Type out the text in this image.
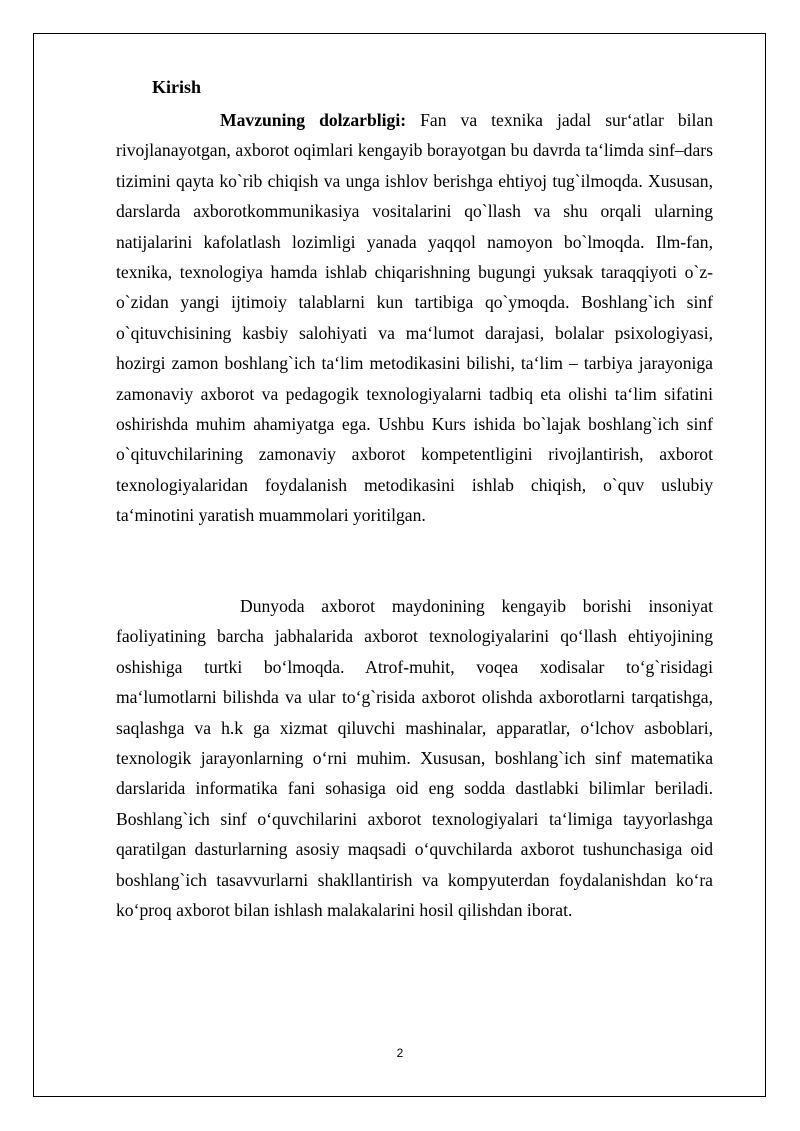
Kirish

Mavzuning dolzarbligi: Fan va texnika jadal sur‘atlar bilan rivojlanayotgan, axborot oqimlari kengayib borayotgan bu davrda ta‘limda sinf–dars tizimini qayta ko`rib chiqish va unga ishlov berishga ehtiyoj tug`ilmoqda. Xususan, darslarda axborotkommunikasiya vositalarini qo`llash va shu orqali ularning natijalarini kafolatlash lozimligi yanada yaqqol namoyon bo`lmoqda. Ilm-fan, texnika, texnologiya hamda ishlab chiqarishning bugungi yuksak taraqqiyoti o`z-o`zidan yangi ijtimoiy talablarni kun tartibiga qo`ymoqda. Boshlang`ich sinf o`qituvchisining kasbiy salohiyati va ma‘lumot darajasi, bolalar psixologiyasi, hozirgi zamon boshlang`ich ta‘lim metodikasini bilishi, ta‘lim – tarbiya jarayoniga zamonaviy axborot va pedagogik texnologiyalarni tadbiq eta olishi ta‘lim sifatini oshirishda muhim ahamiyatga ega. Ushbu Kurs ishida bo`lajak boshlang`ich sinf o`qituvchilarining zamonaviy axborot kompetentligini rivojlantirish, axborot texnologiyalaridan foydalanish metodikasini ishlab chiqish, o`quv uslubiy ta‘minotini yaratish muammolari yoritilgan.

Dunyoda axborot maydonining kengayib borishi insoniyat faoliyatining barcha jabhalarida axborot texnologiyalarini qo‘llash ehtiyojining oshishiga turtki bo‘lmoqda. Atrof-muhit, voqea xodisalar to‘g`risidagi ma‘lumotlarni bilishda va ular to‘g`risida axborot olishda axborotlarni tarqatishga, saqlashga va h.k ga xizmat qiluvchi mashinalar, apparatlar, o‘lchov asboblari, texnologik jarayonlarning o‘rni muhim. Xususan, boshlang`ich sinf matematika darslarida informatika fani sohasiga oid eng sodda dastlabki bilimlar beriladi. Boshlang`ich sinf o‘quvchilarini axborot texnologiyalari ta‘limiga tayyorlashga qaratilgan dasturlarning asosiy maqsadi o‘quvchilarda axborot tushunchasiga oid boshlang`ich tasavvurlarni shakllantirish va kompyuterdan foydalanishdan ko‘ra ko‘proq axborot bilan ishlash malakalarini hosil qilishdan iborat.

2
